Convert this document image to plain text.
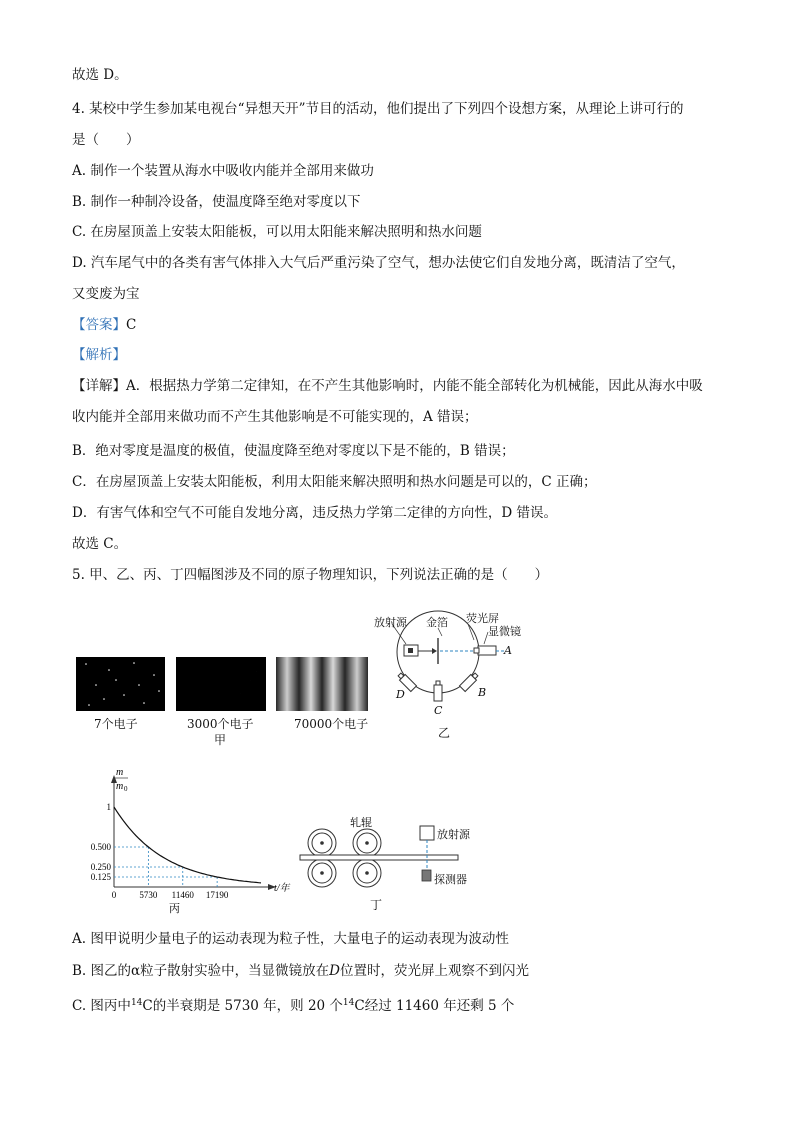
故选 D。
4. 某校中学生参加某电视台“异想天开”节目的活动，他们提出了下列四个设想方案，从理论上讲可行的
是（　　）
A. 制作一个装置从海水中吸收内能并全部用来做功
B. 制作一种制冷设备，使温度降至绝对零度以下
C. 在房屋顶盖上安装太阳能板，可以用太阳能来解决照明和热水问题
D. 汽车尾气中的各类有害气体排入大气后严重污染了空气，想办法使它们自发地分离，既清洁了空气，
又变废为宝
【答案】C
【解析】
【详解】A．根据热力学第二定律知，在不产生其他影响时，内能不能全部转化为机械能，因此从海水中吸
收内能并全部用来做功而不产生其他影响是不可能实现的，A 错误；
B．绝对零度是温度的极值，使温度降至绝对零度以下是不能的，B 错误；
C．在房屋顶盖上安装太阳能板，利用太阳能来解决照明和热水问题是可以的，C 正确；
D．有害气体和空气不可能自发地分离，违反热力学第二定律的方向性，D 错误。
故选 C。
5. 甲、乙、丙、丁四幅图涉及不同的原子物理知识，下列说法正确的是（　　）
A. 图甲说明少量电子的运动表现为粒子性，大量电子的运动表现为波动性
B. 图乙的α粒子散射实验中，当显微镜放在D位置时，荧光屏上观察不到闪光
C. 图丙中$^{14}$C的半衰期是 5730 年，则 20 个$^{14}$C经过 11460 年还剩 5 个
7个电子	3000个电子	70000个电子
甲
放射源 金箔 荧光屏
显微镜
A
B
C
D
乙
m
m 0
t/年
1
0.500
0.250
0.125
0	5730 11460 17190
丙
轧辊
放射源
探测器
丁
